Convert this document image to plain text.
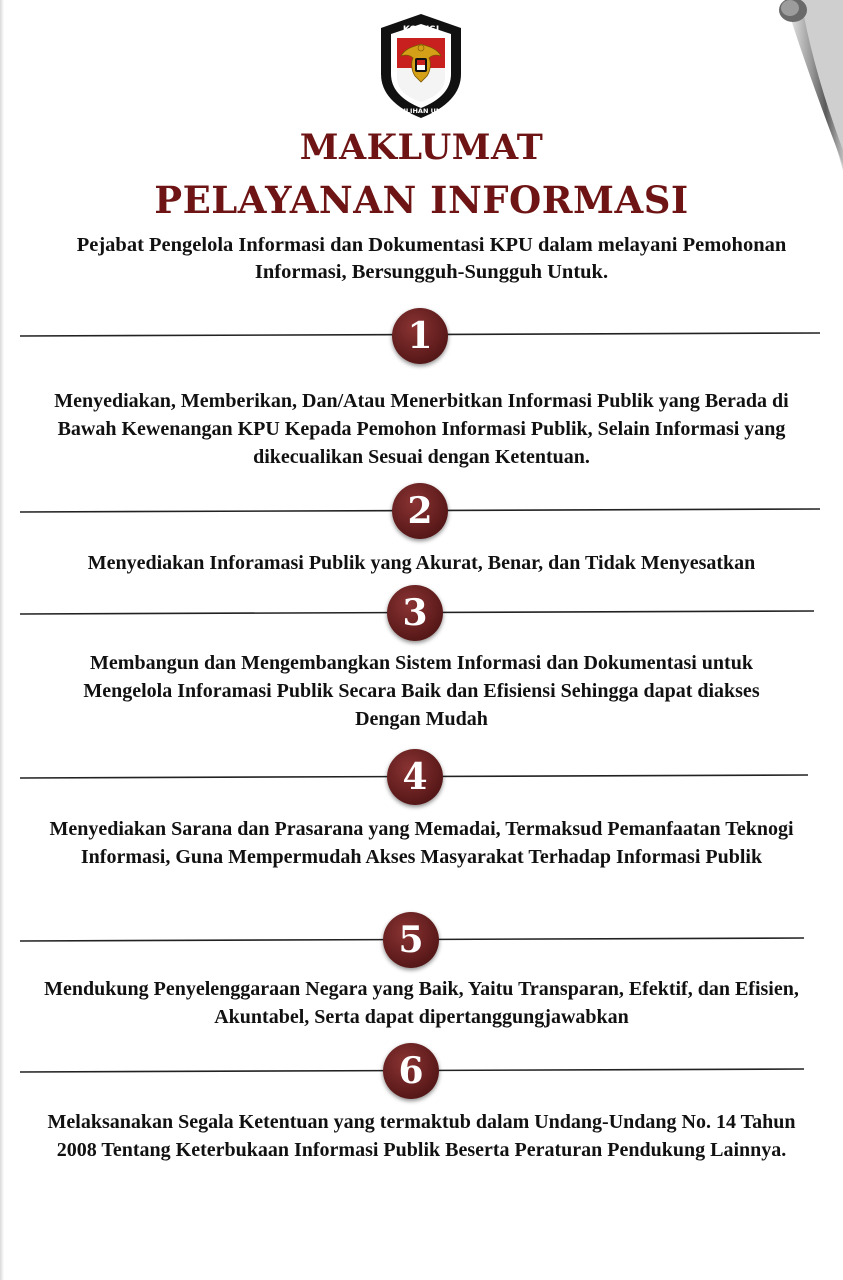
KOMISI
PEMILIHAN UMUM
MAKLUMAT
PELAYANAN INFORMASI
Pejabat Pengelola Informasi dan Dokumentasi KPU dalam melayani Pemohonan Informasi, Bersungguh-Sungguh Untuk.
1
2
3
4
5
6
Menyediakan, Memberikan, Dan/Atau Menerbitkan Informasi Publik yang Berada di Bawah Kewenangan KPU Kepada Pemohon Informasi Publik, Selain Informasi yang dikecualikan Sesuai dengan Ketentuan.
Menyediakan Inforamasi Publik yang Akurat, Benar, dan Tidak Menyesatkan
Membangun dan Mengembangkan Sistem Informasi dan Dokumentasi untuk Mengelola Inforamasi Publik Secara Baik dan Efisiensi Sehingga dapat diakses Dengan Mudah
Menyediakan Sarana dan Prasarana yang Memadai, Termaksud Pemanfaatan Teknogi Informasi, Guna Mempermudah Akses Masyarakat Terhadap Informasi Publik
Mendukung Penyelenggaraan Negara yang Baik, Yaitu Transparan, Efektif, dan Efisien, Akuntabel, Serta dapat dipertanggungjawabkan
Melaksanakan Segala Ketentuan yang termaktub dalam Undang-Undang No. 14 Tahun 2008 Tentang Keterbukaan Informasi Publik Beserta Peraturan Pendukung Lainnya.
